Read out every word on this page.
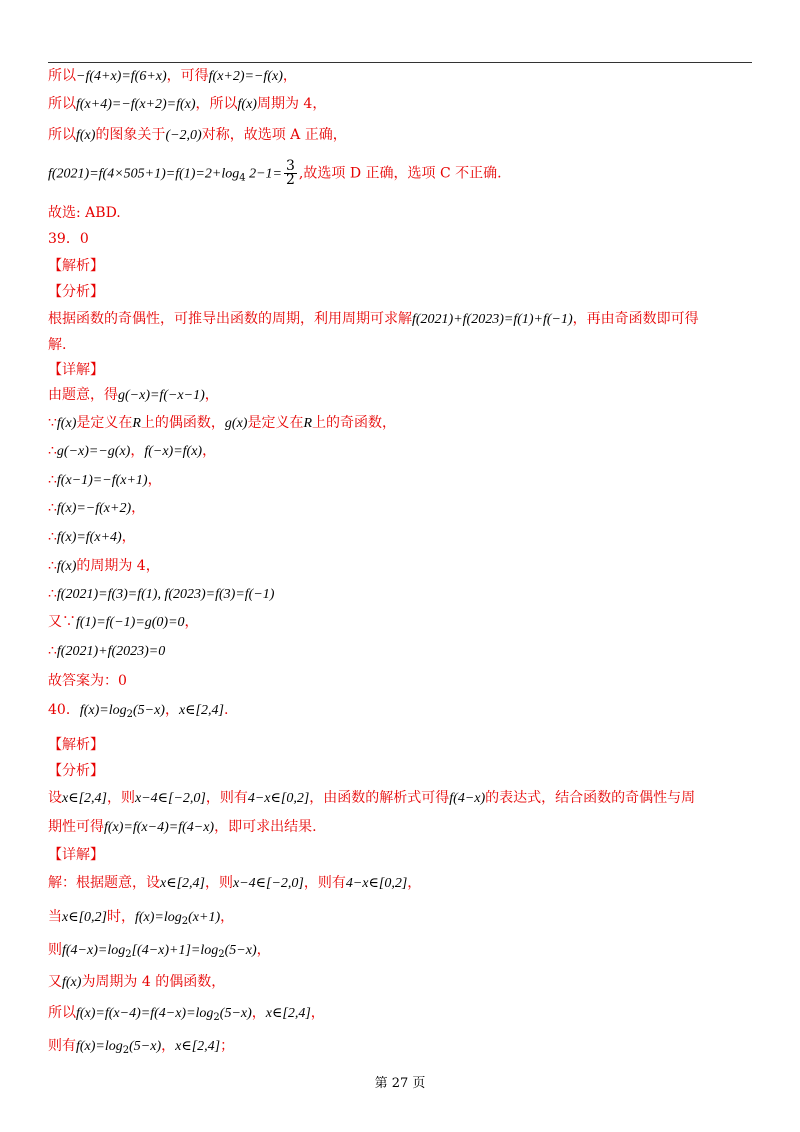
所以−f(4+x)=f(6+x)，可得f(x+2)=−f(x)，
所以f(x+4)=−f(x+2)=f(x)，所以f(x)周期为 4，
所以f(x)的图象关于(−2,0)对称，故选项 A 正确，
$f(2021)=f(4\times 505+1)=f(1)=2+\log_4$ $2-1= \frac{3}{2}$ ,故选项 D 正确，选项 C 不正确.
故选: ABD.
39．0
【解析】
【分析】
根据函数的奇偶性，可推导出函数的周期，利用周期可求解f(2021)+f(2023)=f(1)+f(−1)，再由奇函数即可得
解.
【详解】
由题意，得g(−x)=f(−x−1)，
∵f(x)是定义在R上的偶函数，g(x)是定义在R上的奇函数，
∴g(−x)=−g(x)，f(−x)=f(x)，
∴f(x−1)=−f(x+1)，
∴f(x)=−f(x+2)，
∴f(x)=f(x+4)，
∴f(x)的周期为 4，
∴f(2021)=f(3)=f(1), f(2023)=f(3)=f(−1)
又∵f(1)=f(−1)=g(0)=0，
∴f(2021)+f(2023)=0
故答案为：0
40．$f(x)=\log_2(5-x)$，x∈[2,4].
【解析】
【分析】
设x∈[2,4]，则x−4∈[−2,0]，则有4−x∈[0,2]，由函数的解析式可得f(4−x)的表达式，结合函数的奇偶性与周
期性可得f(x)=f(x−4)=f(4−x)，即可求出结果.
【详解】
解：根据题意，设x∈[2,4]，则x−4∈[−2,0]，则有4−x∈[0,2]，
当x∈[0,2]时，$f(x)=\log_2(x+1)$，
则$f(4-x)=\log_2[(4-x)+1]=\log_2(5-x)$，
又f(x)为周期为 4 的偶函数，
所以$f(x)=f(x-4)=f(4-x)=\log_2(5-x)$，x∈[2,4]，
则有$f(x)=\log_2(5-x)$，x∈[2,4]；
第 27 页
